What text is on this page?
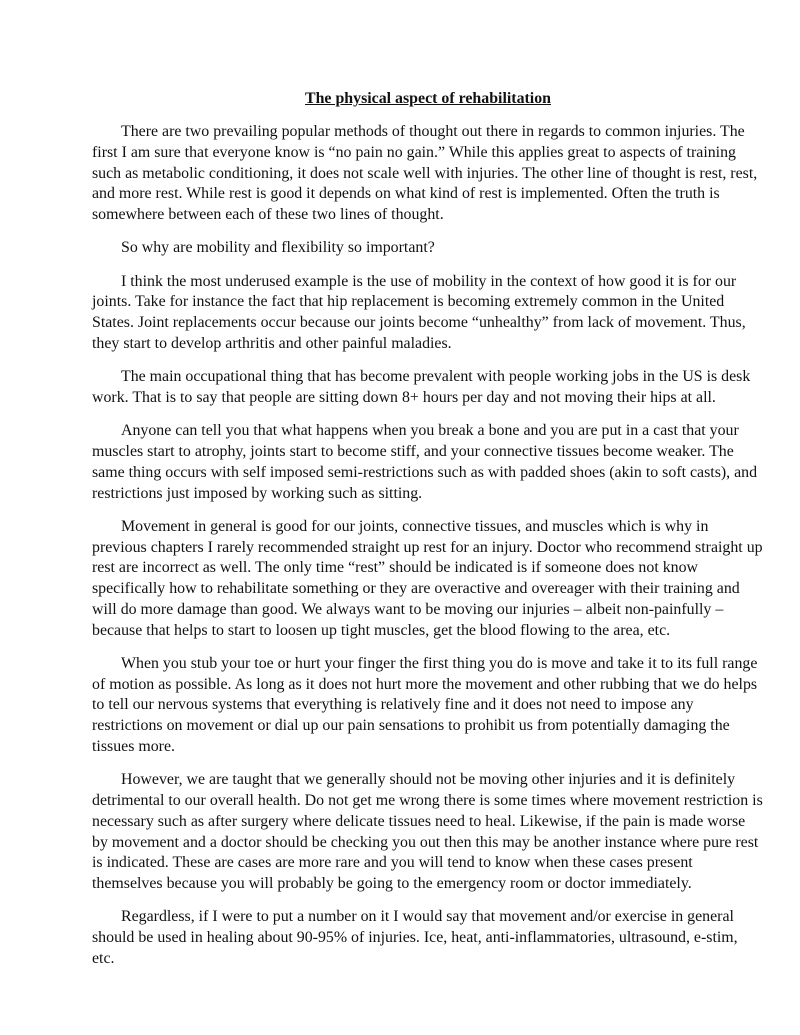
The physical aspect of rehabilitation

There are two prevailing popular methods of thought out there in regards to common injuries. The first I am sure that everyone know is “no pain no gain.” While this applies great to aspects of training such as metabolic conditioning, it does not scale well with injuries. The other line of thought is rest, rest, and more rest. While rest is good it depends on what kind of rest is implemented. Often the truth is somewhere between each of these two lines of thought.

So why are mobility and flexibility so important?

I think the most underused example is the use of mobility in the context of how good it is for our joints. Take for instance the fact that hip replacement is becoming extremely common in the United States. Joint replacements occur because our joints become “unhealthy” from lack of movement. Thus, they start to develop arthritis and other painful maladies.

The main occupational thing that has become prevalent with people working jobs in the US is desk work. That is to say that people are sitting down 8+ hours per day and not moving their hips at all.

Anyone can tell you that what happens when you break a bone and you are put in a cast that your muscles start to atrophy, joints start to become stiff, and your connective tissues become weaker. The same thing occurs with self imposed semi-restrictions such as with padded shoes (akin to soft casts), and restrictions just imposed by working such as sitting.

Movement in general is good for our joints, connective tissues, and muscles which is why in previous chapters I rarely recommended straight up rest for an injury. Doctor who recommend straight up rest are incorrect as well. The only time “rest” should be indicated is if someone does not know specifically how to rehabilitate something or they are overactive and overeager with their training and will do more damage than good. We always want to be moving our injuries – albeit non-painfully – because that helps to start to loosen up tight muscles, get the blood flowing to the area, etc.

When you stub your toe or hurt your finger the first thing you do is move and take it to its full range of motion as possible. As long as it does not hurt more the movement and other rubbing that we do helps to tell our nervous systems that everything is relatively fine and it does not need to impose any restrictions on movement or dial up our pain sensations to prohibit us from potentially damaging the tissues more.

However, we are taught that we generally should not be moving other injuries and it is definitely detrimental to our overall health. Do not get me wrong there is some times where movement restriction is necessary such as after surgery where delicate tissues need to heal. Likewise, if the pain is made worse by movement and a doctor should be checking you out then this may be another instance where pure rest is indicated. These are cases are more rare and you will tend to know when these cases present themselves because you will probably be going to the emergency room or doctor immediately.

Regardless, if I were to put a number on it I would say that movement and/or exercise in general should be used in healing about 90-95% of injuries. Ice, heat, anti-inflammatories, ultrasound, e-stim, etc.
